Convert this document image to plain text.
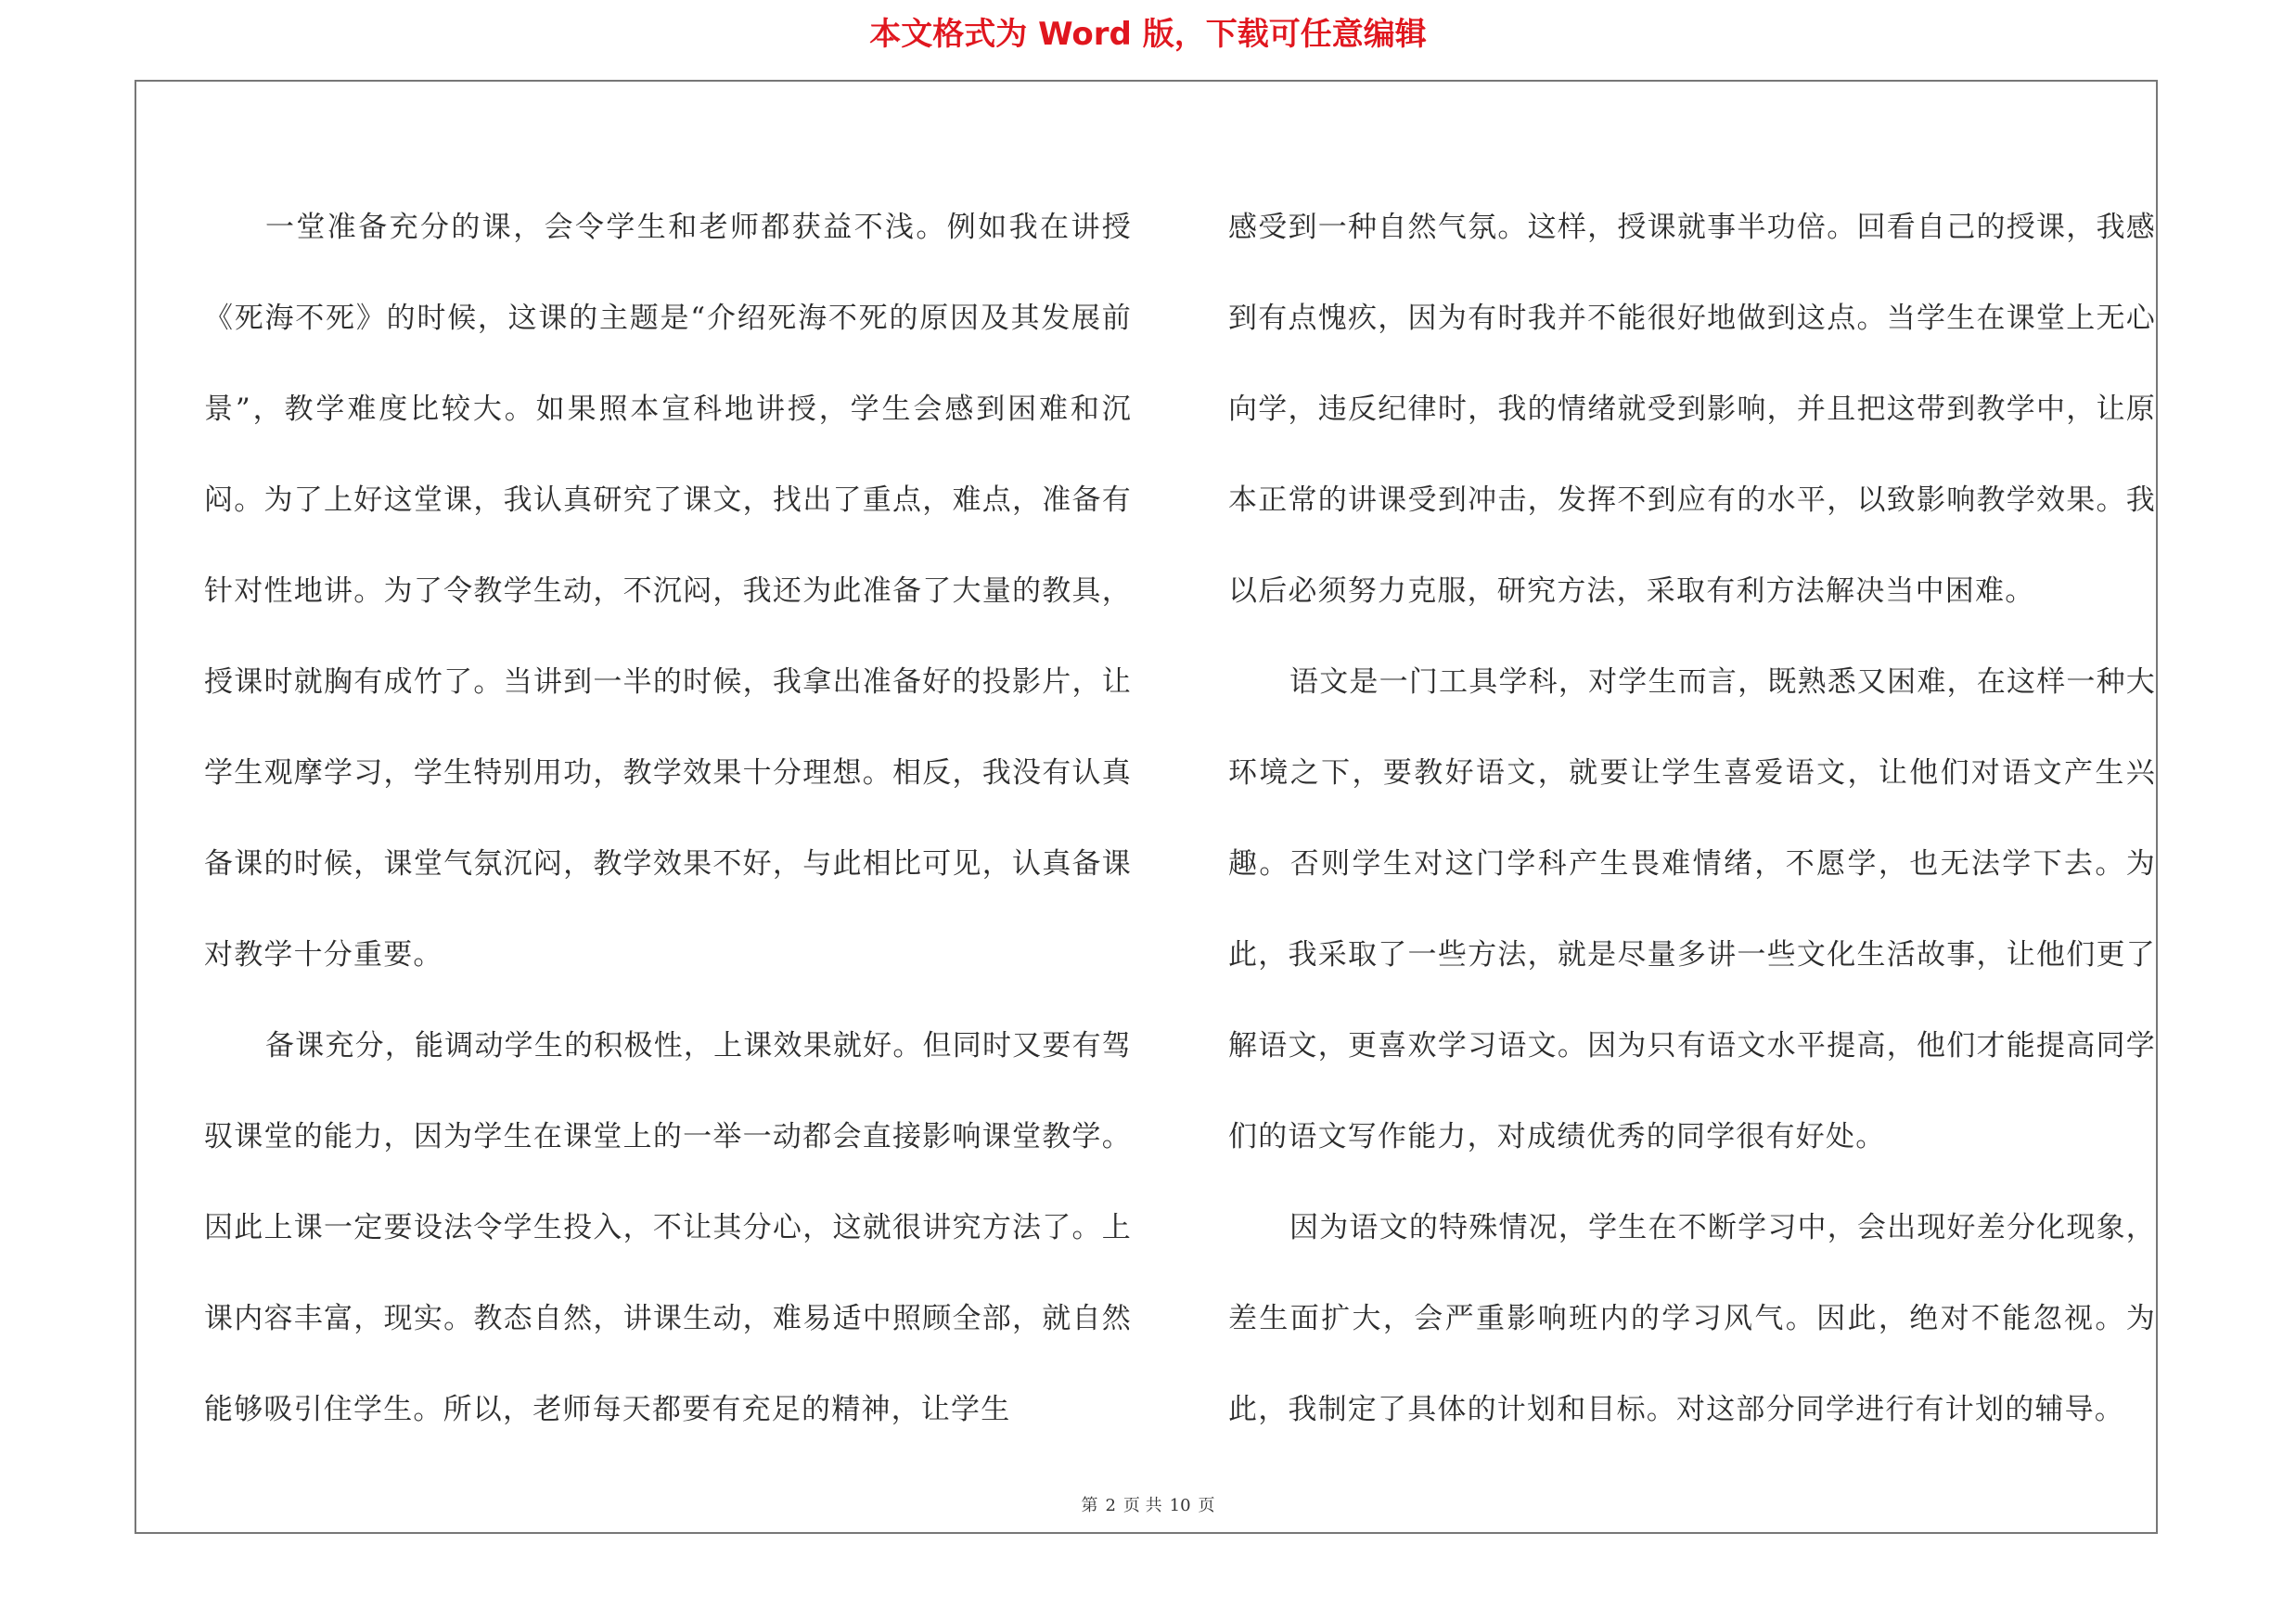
本文格式为 Word 版，下载可任意编辑

一堂准备充分的课，会令学生和老师都获益不浅。例如我在讲授《死海不死》的时候，这课的主题是“介绍死海不死的原因及其发展前景”，教学难度比较大。如果照本宣科地讲授，学生会感到困难和沉闷。为了上好这堂课，我认真研究了课文，找出了重点，难点，准备有针对性地讲。为了令教学生动，不沉闷，我还为此准备了大量的教具，授课时就胸有成竹了。当讲到一半的时候，我拿出准备好的投影片，让学生观摩学习，学生特别用功，教学效果十分理想。相反，我没有认真备课的时候，课堂气氛沉闷，教学效果不好，与此相比可见，认真备课对教学十分重要。

备课充分，能调动学生的积极性，上课效果就好。但同时又要有驾驭课堂的能力，因为学生在课堂上的一举一动都会直接影响课堂教学。因此上课一定要设法令学生投入，不让其分心，这就很讲究方法了。上课内容丰富，现实。教态自然，讲课生动，难易适中照顾全部，就自然能够吸引住学生。所以，老师每天都要有充足的精神，让学生

感受到一种自然气氛。这样，授课就事半功倍。回看自己的授课，我感到有点愧疚，因为有时我并不能很好地做到这点。当学生在课堂上无心向学，违反纪律时，我的情绪就受到影响，并且把这带到教学中，让原本正常的讲课受到冲击，发挥不到应有的水平，以致影响教学效果。我以后必须努力克服，研究方法，采取有利方法解决当中困难。

语文是一门工具学科，对学生而言，既熟悉又困难，在这样一种大环境之下，要教好语文，就要让学生喜爱语文，让他们对语文产生兴趣。否则学生对这门学科产生畏难情绪，不愿学，也无法学下去。为此，我采取了一些方法，就是尽量多讲一些文化生活故事，让他们更了解语文，更喜欢学习语文。因为只有语文水平提高，他们才能提高同学们的语文写作能力，对成绩优秀的同学很有好处。

因为语文的特殊情况，学生在不断学习中，会出现好差分化现象，差生面扩大，会严重影响班内的学习风气。因此，绝对不能忽视。为此，我制定了具体的计划和目标。对这部分同学进行有计划的辅导。

第 2 页 共 10 页
